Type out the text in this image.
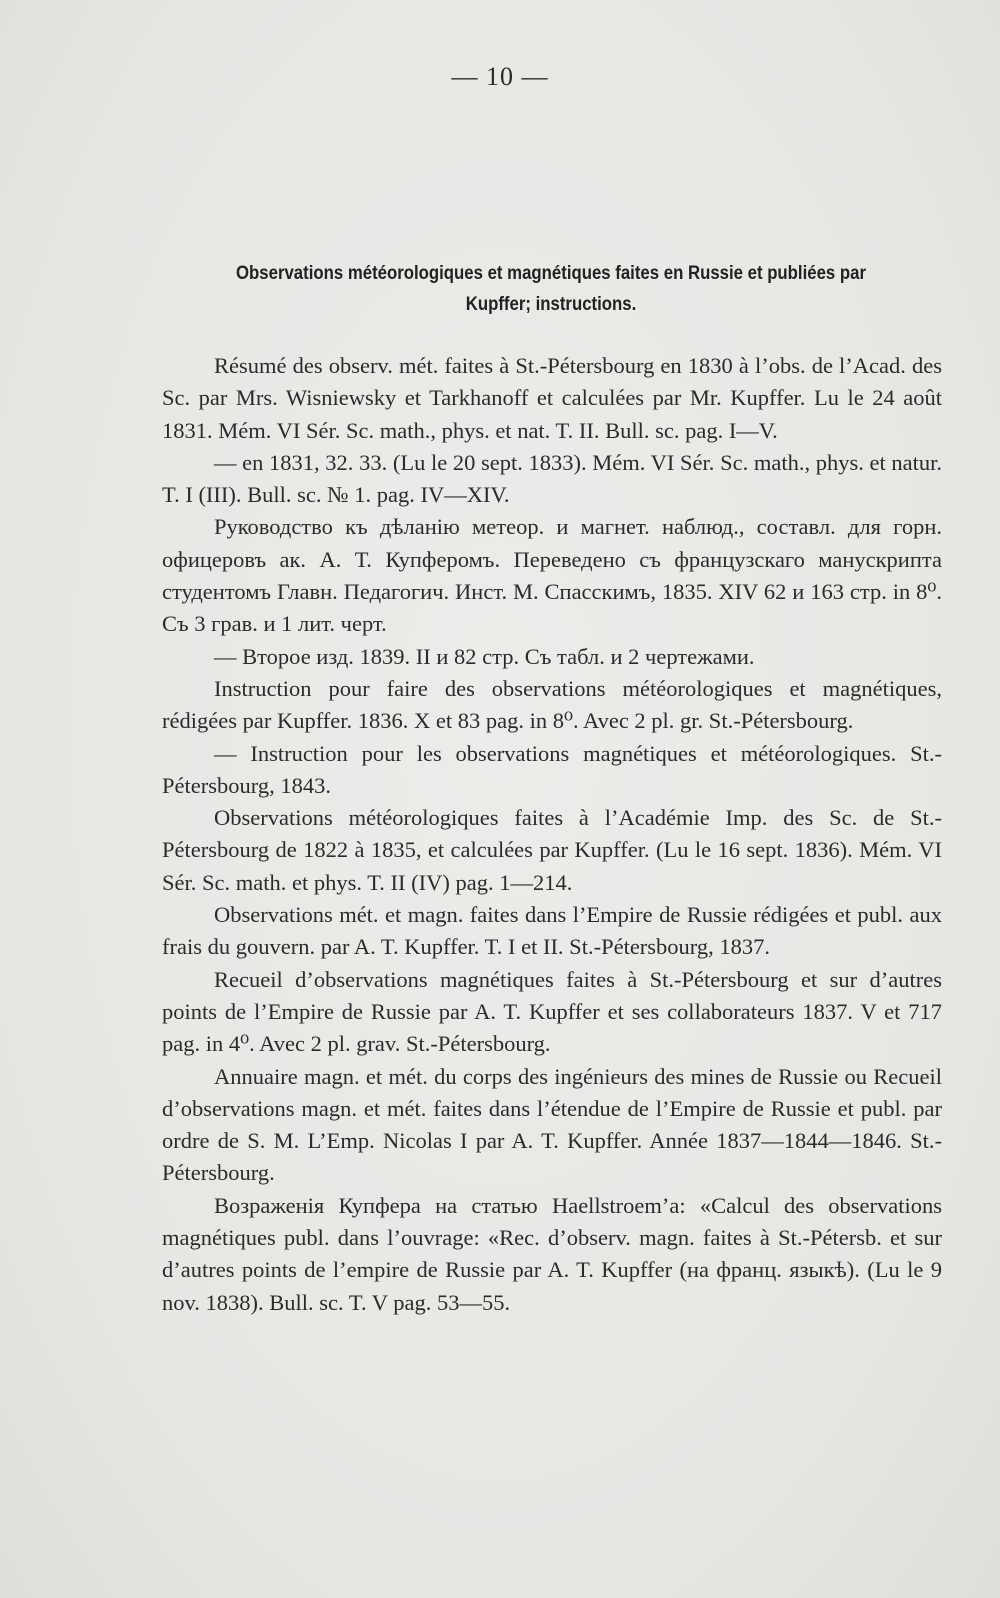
— 10 —
Observations météorologiques et magnétiques faites en Russie et publiées par Kupffer; instructions.

Résumé des observ. mét. faites à St.-Pétersbourg en 1830 à l’obs. de l’Acad. des Sc. par Mrs. Wisniewsky et Tarkhanoff et calculées par Mr. Kupffer. Lu le 24 août 1831. Mém. VI Sér. Sc. math., phys. et nat. T. II. Bull. sc. pag. I—V.

— en 1831, 32. 33. (Lu le 20 sept. 1833). Mém. VI Sér. Sc. math., phys. et natur. T. I (III). Bull. sc. № 1. pag. IV—XIV.

Руководство къ дѣланiю метеор. и магнет. наблюд., составл. для горн. офицеровъ ак. А. Т. Купферомъ. Переведено съ французскаго манускрипта студентомъ Главн. Педагогич. Инст. М. Спасскимъ, 1835. XIV 62 и 163 стр. in 8⁰. Съ 3 грав. и 1 лит. черт.

— Второе изд. 1839. II и 82 стр. Съ табл. и 2 чертежами.

Instruction pour faire des observations météorologiques et magnétiques, rédigées par Kupffer. 1836. X et 83 pag. in 8⁰. Avec 2 pl. gr. St.-Pétersbourg.

— Instruction pour les observations magnétiques et météorologiques. St.-Pétersbourg, 1843.

Observations météorologiques faites à l’Académie Imp. des Sc. de St.-Pétersbourg de 1822 à 1835, et calculées par Kupffer. (Lu le 16 sept. 1836). Mém. VI Sér. Sc. math. et phys. T. II (IV) pag. 1—214.

Observations mét. et magn. faites dans l’Empire de Russie rédigées et publ. aux frais du gouvern. par A. T. Kupffer. T. I et II. St.-Pétersbourg, 1837.

Recueil d’observations magnétiques faites à St.-Pétersbourg et sur d’autres points de l’Empire de Russie par A. T. Kupffer et ses collaborateurs 1837. V et 717 pag. in 4⁰. Avec 2 pl. grav. St.-Pétersbourg.

Annuaire magn. et mét. du corps des ingénieurs des mines de Russie ou Recueil d’observations magn. et mét. faites dans l’étendue de l’Empire de Russie et publ. par ordre de S. M. L’Emp. Nicolas I par A. T. Kupffer. Année 1837—1844—1846. St.-Pétersbourg.

Возраженiя Купфера на статью Haellstroem’a: «Calcul des observations magnétiques publ. dans l’ouvrage: «Rec. d’observ. magn. faites à St.-Pétersb. et sur d’autres points de l’empire de Russie par A. T. Kupffer (на франц. языкѣ). (Lu le 9 nov. 1838). Bull. sc. T. V pag. 53—55.
